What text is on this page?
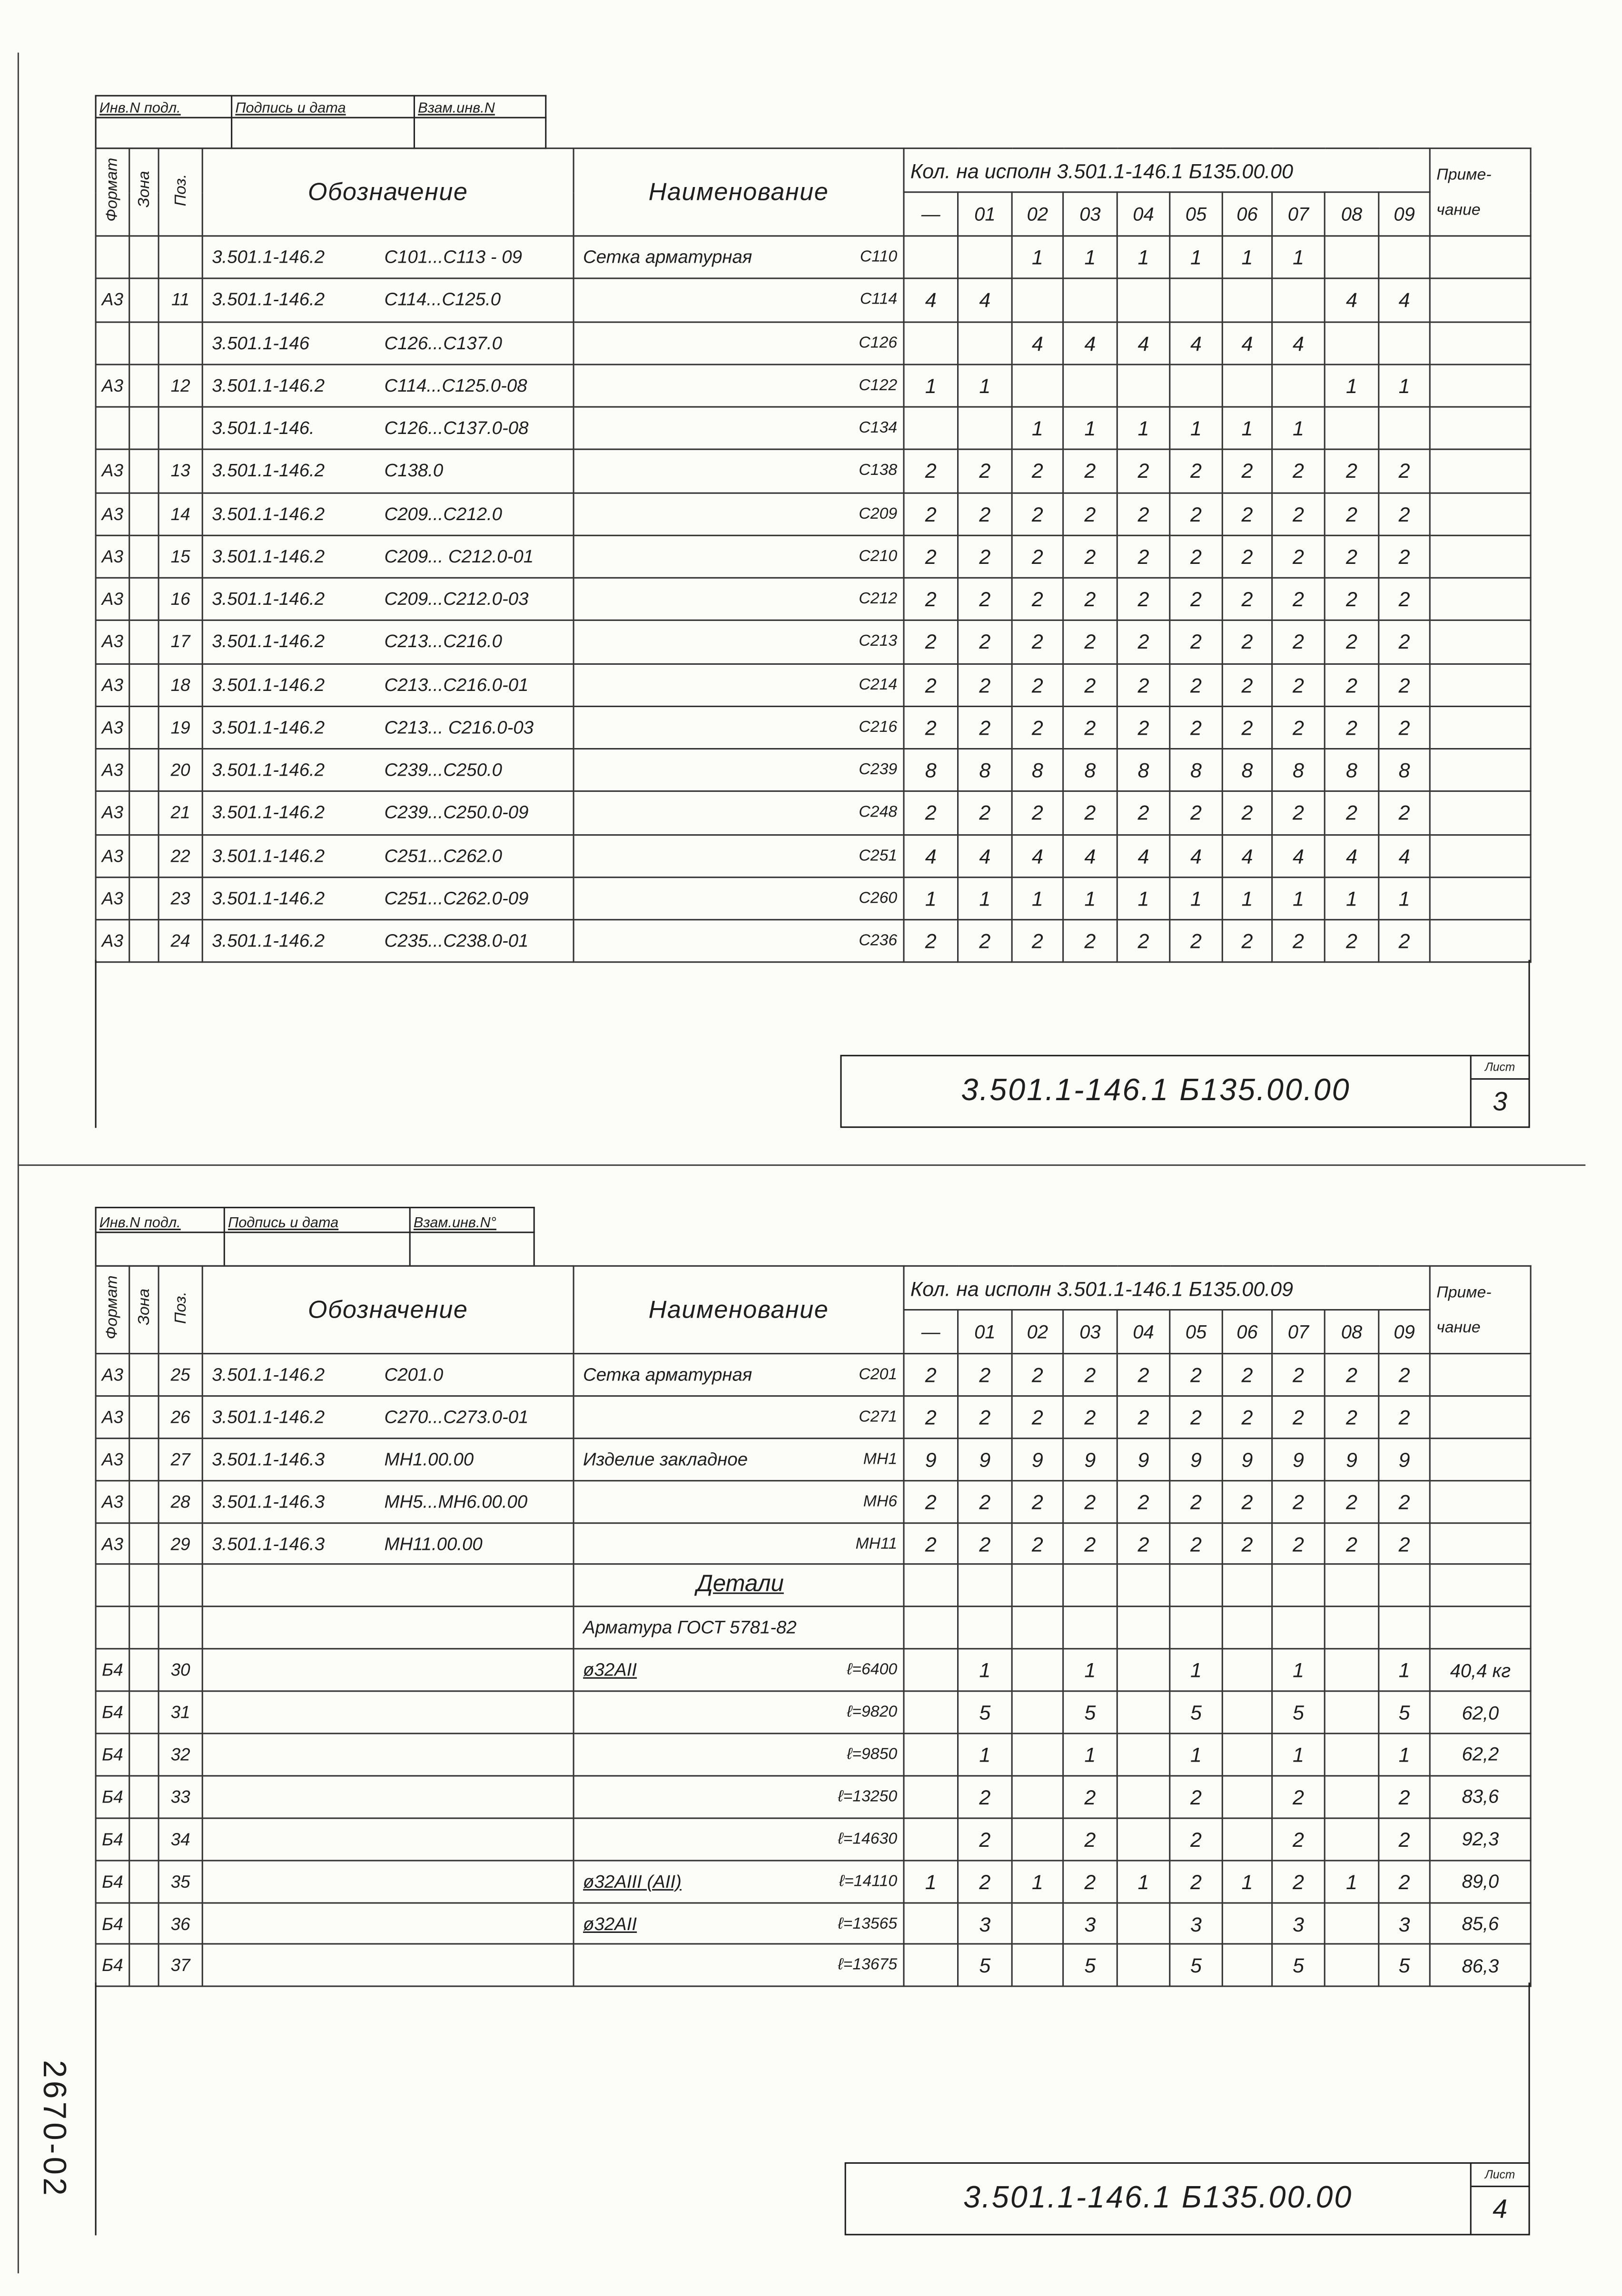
Инв.N подл.	Подпись и дата	Взам.инв.N

Формат	Зона	Поз.	Обозначение	Наименование	Кол. на исполн 3.501.1-146.1 Б135.00.00										Приме-
чание

					—	01	02	03	04	05	06	07	08	09	
			3.501.1-146.2 С101...С113 - 09	Сетка арматурная С110			1	1	1	1	1	1			
А3		11	3.501.1-146.2 С114...С125.0	С114	4	4							4	4	
			3.501.1-146 С126...С137.0	С126			4	4	4	4	4	4			
А3		12	3.501.1-146.2 С114...С125.0-08	С122	1	1							1	1	
			3.501.1-146. С126...С137.0-08	С134			1	1	1	1	1	1			
А3		13	3.501.1-146.2 С138.0	С138	2	2	2	2	2	2	2	2	2	2	
А3		14	3.501.1-146.2 С209...С212.0	С209	2	2	2	2	2	2	2	2	2	2	
А3		15	3.501.1-146.2 С209... С212.0-01	С210	2	2	2	2	2	2	2	2	2	2	
А3		16	3.501.1-146.2 С209...С212.0-03	С212	2	2	2	2	2	2	2	2	2	2	
А3		17	3.501.1-146.2 С213...С216.0	С213	2	2	2	2	2	2	2	2	2	2	
А3		18	3.501.1-146.2 С213...С216.0-01	С214	2	2	2	2	2	2	2	2	2	2	
А3		19	3.501.1-146.2 С213... С216.0-03	С216	2	2	2	2	2	2	2	2	2	2	
А3		20	3.501.1-146.2 С239...С250.0	С239	8	8	8	8	8	8	8	8	8	8	
А3		21	3.501.1-146.2 С239...С250.0-09	С248	2	2	2	2	2	2	2	2	2	2	
А3		22	3.501.1-146.2 С251...С262.0	С251	4	4	4	4	4	4	4	4	4	4	
А3		23	3.501.1-146.2 С251...С262.0-09	С260	1	1	1	1	1	1	1	1	1	1	
А3		24	3.501.1-146.2 С235...С238.0-01	С236	2	2	2	2	2	2	2	2	2	2	
3.501.1-146.1 Б135.00.00
Лист
3
Инв.N подл.	Подпись и дата	Взам.инв.N°

Формат	Зона	Поз.	Обозначение	Наименование	Кол. на исполн 3.501.1-146.1 Б135.00.09										Приме-
чание

					—	01	02	03	04	05	06	07	08	09	
А3		25	3.501.1-146.2 С201.0	Сетка арматурная С201	2	2	2	2	2	2	2	2	2	2	
А3		26	3.501.1-146.2 С270...С273.0-01	С271	2	2	2	2	2	2	2	2	2	2	
А3		27	3.501.1-146.3 МН1.00.00	Изделие закладное МН1	9	9	9	9	9	9	9	9	9	9	
А3		28	3.501.1-146.3 МН5...МН6.00.00	МН6	2	2	2	2	2	2	2	2	2	2	
А3		29	3.501.1-146.3 МН11.00.00	МН11	2	2	2	2	2	2	2	2	2	2	

				Детали											

				Арматура ГОСТ 5781-82											

Б4		30		ø32АII ℓ=6400		1		1		1		1		1	40,4 кг
Б4		31		ℓ=9820		5		5		5		5		5	62,0
Б4		32		ℓ=9850		1		1		1		1		1	62,2
Б4		33		ℓ=13250		2		2		2		2		2	83,6
Б4		34		ℓ=14630		2		2		2		2		2	92,3
Б4		35		ø32АIII (АII) ℓ=14110	1	2	1	2	1	2	1	2	1	2	89,0
Б4		36		ø32АII ℓ=13565		3		3		3		3		3	85,6
Б4		37		ℓ=13675		5		5		5		5		5	86,3
3.501.1-146.1 Б135.00.00
Лист
4
2670-02
